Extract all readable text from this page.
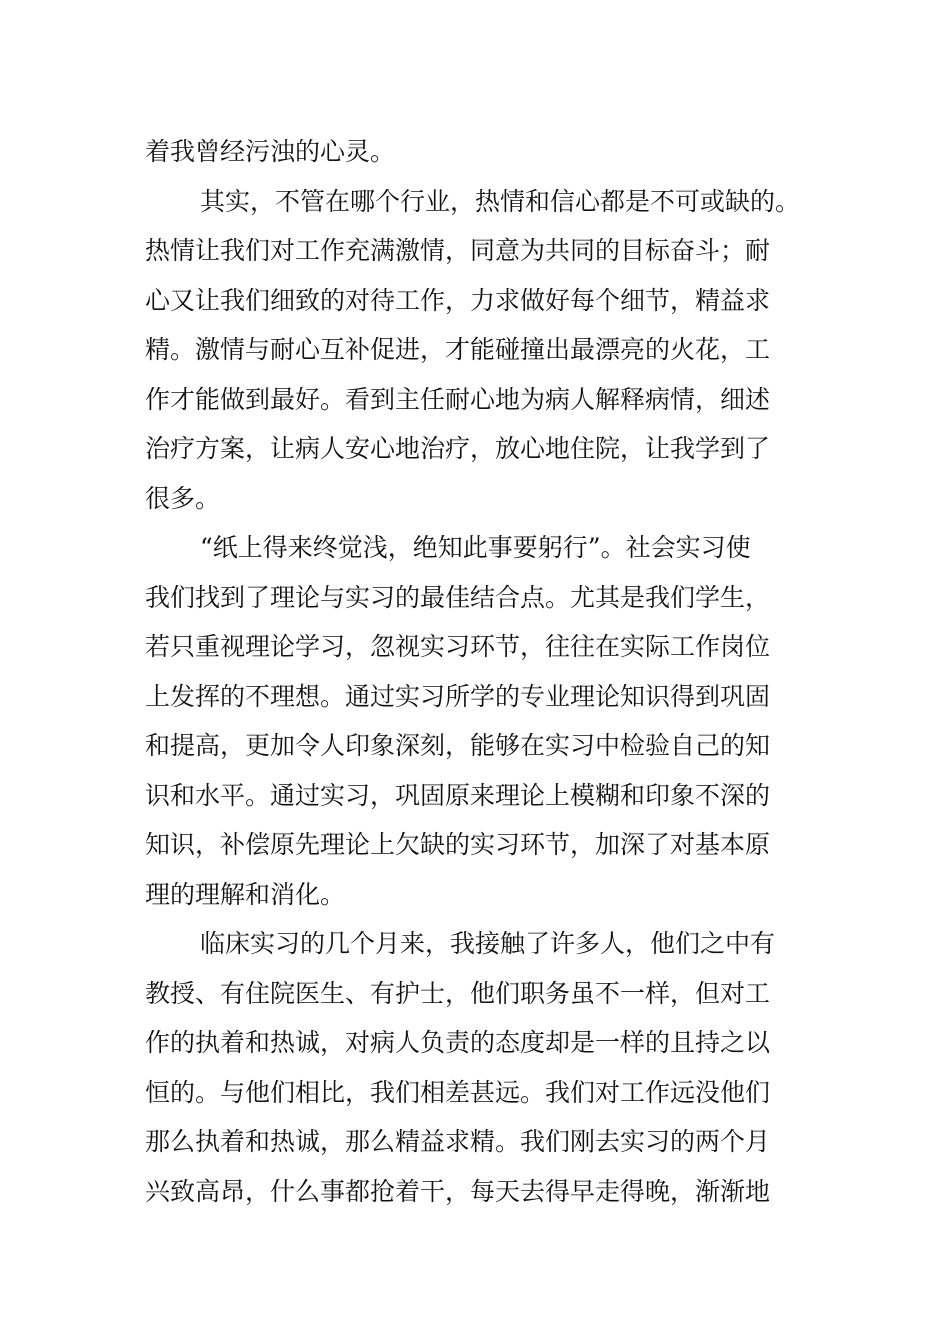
着我曾经污浊的心灵。
其实，不管在哪个行业，热情和信心都是不可或缺的。
热情让我们对工作充满激情，同意为共同的目标奋斗；耐
心又让我们细致的对待工作，力求做好每个细节，精益求
精。激情与耐心互补促进，才能碰撞出最漂亮的火花，工
作才能做到最好。看到主任耐心地为病人解释病情，细述
治疗方案，让病人安心地治疗，放心地住院，让我学到了
很多。
“纸上得来终觉浅，绝知此事要躬行”。社会实习使
我们找到了理论与实习的最佳结合点。尤其是我们学生，
若只重视理论学习，忽视实习环节，往往在实际工作岗位
上发挥的不理想。通过实习所学的专业理论知识得到巩固
和提高，更加令人印象深刻，能够在实习中检验自己的知
识和水平。通过实习，巩固原来理论上模糊和印象不深的
知识，补偿原先理论上欠缺的实习环节，加深了对基本原
理的理解和消化。
临床实习的几个月来，我接触了许多人，他们之中有
教授、有住院医生、有护士，他们职务虽不一样，但对工
作的执着和热诚，对病人负责的态度却是一样的且持之以
恒的。与他们相比，我们相差甚远。我们对工作远没他们
那么执着和热诚，那么精益求精。我们刚去实习的两个月
兴致高昂，什么事都抢着干，每天去得早走得晚，渐渐地
